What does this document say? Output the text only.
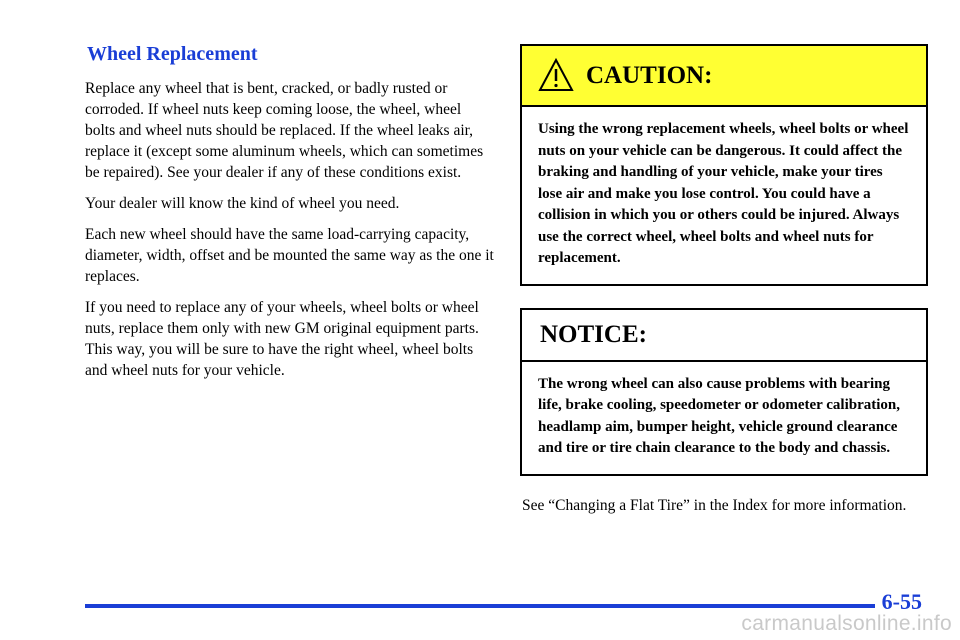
Wheel Replacement

Replace any wheel that is bent, cracked, or badly rusted or corroded. If wheel nuts keep coming loose, the wheel, wheel bolts and wheel nuts should be replaced. If the wheel leaks air, replace it (except some aluminum wheels, which can sometimes be repaired). See your dealer if any of these conditions exist.

Your dealer will know the kind of wheel you need.

Each new wheel should have the same load-carrying capacity, diameter, width, offset and be mounted the same way as the one it replaces.

If you need to replace any of your wheels, wheel bolts or wheel nuts, replace them only with new GM original equipment parts. This way, you will be sure to have the right wheel, wheel bolts and wheel nuts for your vehicle.

CAUTION:
Using the wrong replacement wheels, wheel bolts or wheel nuts on your vehicle can be dangerous. It could affect the braking and handling of your vehicle, make your tires lose air and make you lose control. You could have a collision in which you or others could be injured. Always use the correct wheel, wheel bolts and wheel nuts for replacement.
NOTICE:
The wrong wheel can also cause problems with bearing life, brake cooling, speedometer or odometer calibration, headlamp aim, bumper height, vehicle ground clearance and tire or tire chain clearance to the body and chassis.

See “Changing a Flat Tire” in the Index for more information.

6-55
carmanualsonline.info
